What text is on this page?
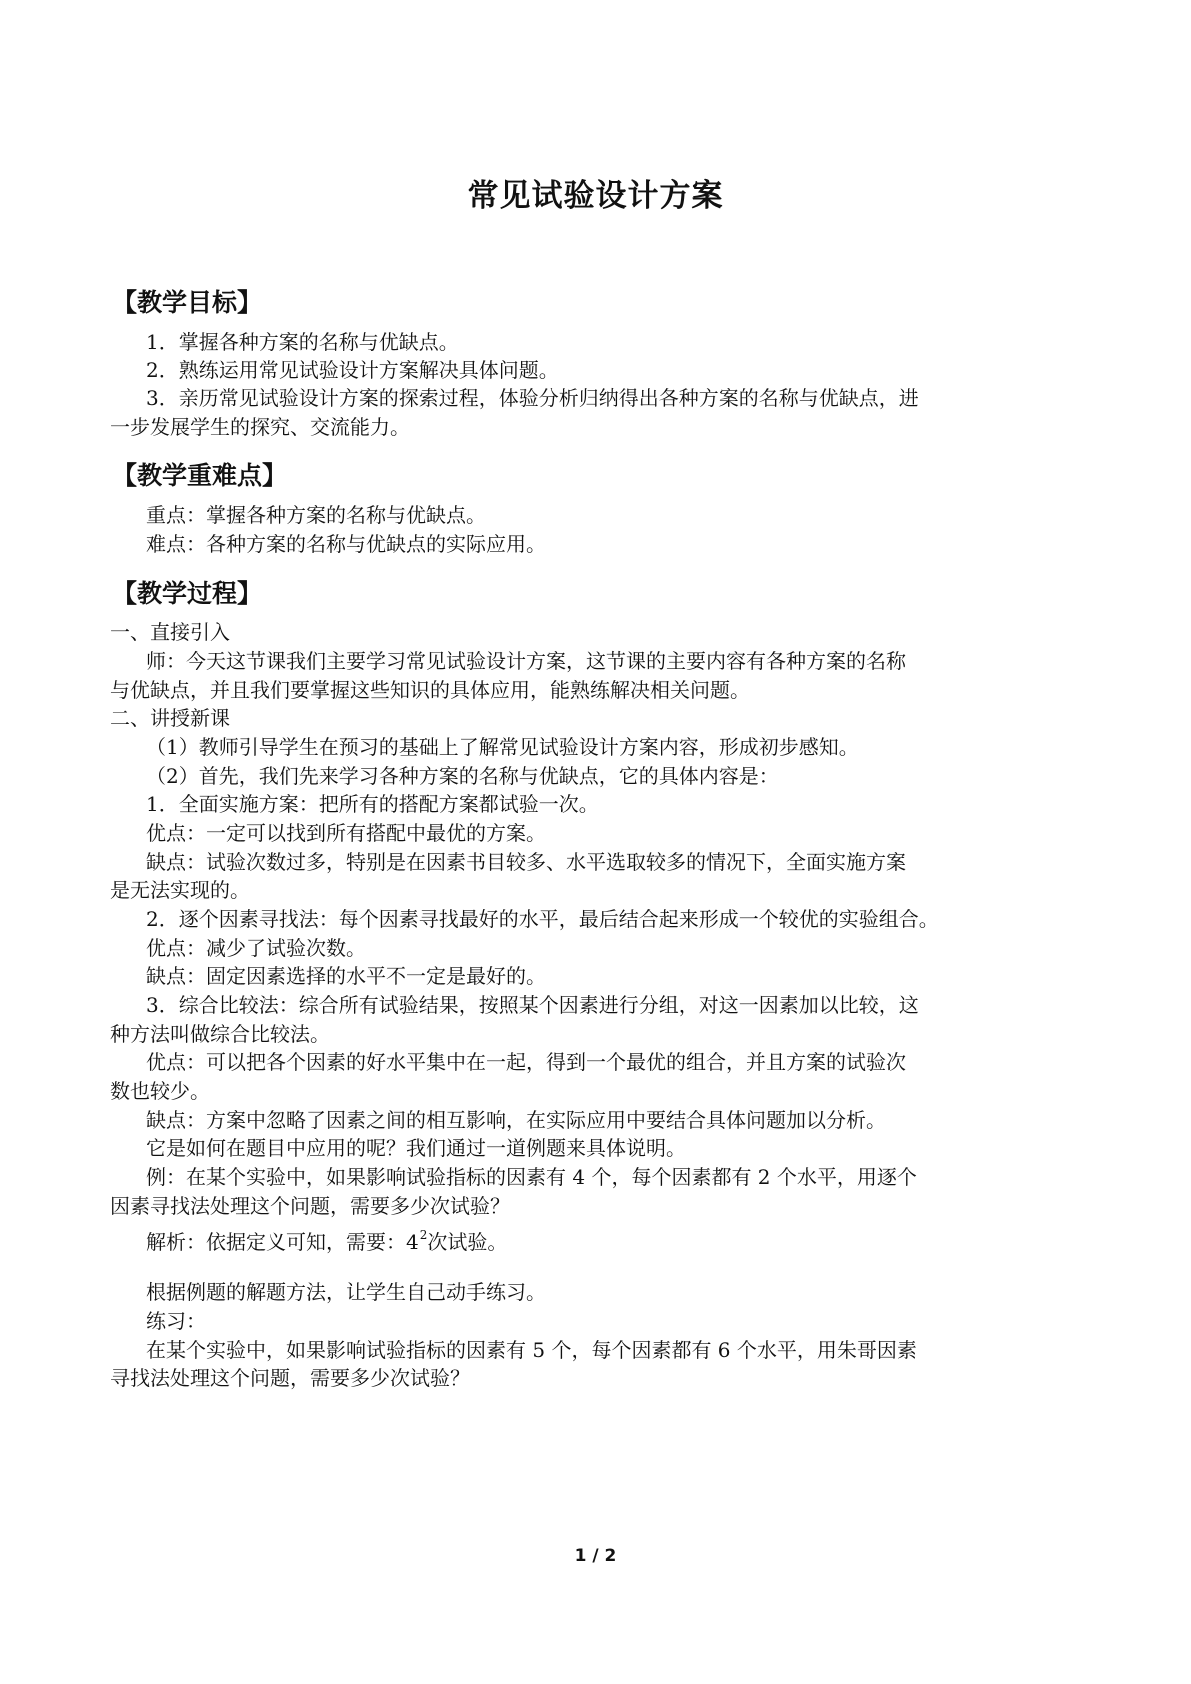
常见试验设计方案
【教学目标】
1．掌握各种方案的名称与优缺点。
2．熟练运用常见试验设计方案解决具体问题。
3．亲历常见试验设计方案的探索过程，体验分析归纳得出各种方案的名称与优缺点，进
一步发展学生的探究、交流能力。
【教学重难点】
重点：掌握各种方案的名称与优缺点。
难点：各种方案的名称与优缺点的实际应用。
【教学过程】
一、直接引入
师：今天这节课我们主要学习常见试验设计方案，这节课的主要内容有各种方案的名称
与优缺点，并且我们要掌握这些知识的具体应用，能熟练解决相关问题。
二、讲授新课
（1）教师引导学生在预习的基础上了解常见试验设计方案内容，形成初步感知。
（2）首先，我们先来学习各种方案的名称与优缺点，它的具体内容是：
1．全面实施方案：把所有的搭配方案都试验一次。
优点：一定可以找到所有搭配中最优的方案。
缺点：试验次数过多，特别是在因素书目较多、水平选取较多的情况下，全面实施方案
是无法实现的。
2．逐个因素寻找法：每个因素寻找最好的水平，最后结合起来形成一个较优的实验组合。
优点：减少了试验次数。
缺点：固定因素选择的水平不一定是最好的。
3．综合比较法：综合所有试验结果，按照某个因素进行分组，对这一因素加以比较，这
种方法叫做综合比较法。
优点：可以把各个因素的好水平集中在一起，得到一个最优的组合，并且方案的试验次
数也较少。
缺点：方案中忽略了因素之间的相互影响，在实际应用中要结合具体问题加以分析。
它是如何在题目中应用的呢？我们通过一道例题来具体说明。
例：在某个实验中，如果影响试验指标的因素有 4 个，每个因素都有 2 个水平，用逐个
因素寻找法处理这个问题，需要多少次试验？
解析：依据定义可知，需要：$4^2$次试验。
根据例题的解题方法，让学生自己动手练习。
练习：
在某个实验中，如果影响试验指标的因素有 5 个，每个因素都有 6 个水平，用朱哥因素
寻找法处理这个问题，需要多少次试验？
1 / 2
